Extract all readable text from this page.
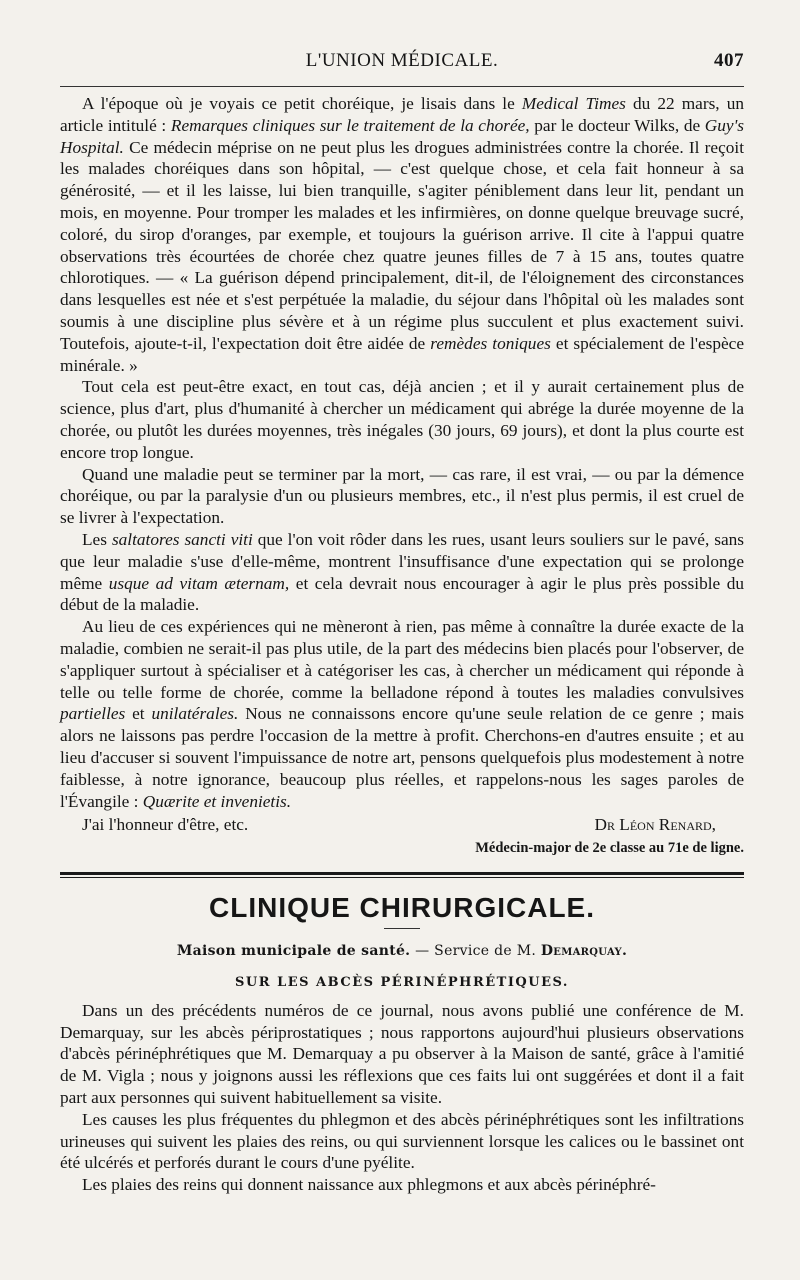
L'UNION MÉDICALE.	407

A l'époque où je voyais ce petit choréique, je lisais dans le Medical Times du 22 mars, un article intitulé : Remarques cliniques sur le traitement de la chorée, par le docteur Wilks, de Guy's Hospital. Ce médecin méprise on ne peut plus les drogues administrées contre la chorée. Il reçoit les malades choréiques dans son hôpital, — c'est quelque chose, et cela fait honneur à sa générosité, — et il les laisse, lui bien tranquille, s'agiter péniblement dans leur lit, pendant un mois, en moyenne. Pour tromper les malades et les infirmières, on donne quelque breuvage sucré, coloré, du sirop d'oranges, par exemple, et toujours la guérison arrive. Il cite à l'appui quatre observations très écourtées de chorée chez quatre jeunes filles de 7 à 15 ans, toutes quatre chlorotiques. — « La guérison dépend principalement, dit-il, de l'éloignement des circonstances dans lesquelles est née et s'est perpétuée la maladie, du séjour dans l'hôpital où les malades sont soumis à une discipline plus sévère et à un régime plus succulent et plus exactement suivi. Toutefois, ajoute-t-il, l'expectation doit être aidée de remèdes toniques et spécialement de l'espèce minérale. »

Tout cela est peut-être exact, en tout cas, déjà ancien ; et il y aurait certainement plus de science, plus d'art, plus d'humanité à chercher un médicament qui abrége la durée moyenne de la chorée, ou plutôt les durées moyennes, très inégales (30 jours, 69 jours), et dont la plus courte est encore trop longue.

Quand une maladie peut se terminer par la mort, — cas rare, il est vrai, — ou par la démence choréique, ou par la paralysie d'un ou plusieurs membres, etc., il n'est plus permis, il est cruel de se livrer à l'expectation.

Les saltatores sancti viti que l'on voit rôder dans les rues, usant leurs souliers sur le pavé, sans que leur maladie s'use d'elle-même, montrent l'insuffisance d'une expectation qui se prolonge même usque ad vitam æternam, et cela devrait nous encourager à agir le plus près possible du début de la maladie.

Au lieu de ces expériences qui ne mèneront à rien, pas même à connaître la durée exacte de la maladie, combien ne serait-il pas plus utile, de la part des médecins bien placés pour l'observer, de s'appliquer surtout à spécialiser et à catégoriser les cas, à chercher un médicament qui réponde à telle ou telle forme de chorée, comme la belladone répond à toutes les maladies convulsives partielles et unilatérales. Nous ne connaissons encore qu'une seule relation de ce genre ; mais alors ne laissons pas perdre l'occasion de la mettre à profit. Cherchons-en d'autres ensuite ; et au lieu d'accuser si souvent l'impuissance de notre art, pensons quelquefois plus modestement à notre faiblesse, à notre ignorance, beaucoup plus réelles, et rappelons-nous les sages paroles de l'Évangile : Quærite et invenietis.

J'ai l'honneur d'être, etc.	Dr Léon Renard,
Médecin-major de 2e classe au 71e de ligne.
CLINIQUE CHIRURGICALE.
Maison municipale de santé. — Service de M. Demarquay.
SUR LES ABCÈS PÉRINÉPHRÉTIQUES.

Dans un des précédents numéros de ce journal, nous avons publié une conférence de M. Demarquay, sur les abcès périprostatiques ; nous rapportons aujourd'hui plusieurs observations d'abcès périnéphrétiques que M. Demarquay a pu observer à la Maison de santé, grâce à l'amitié de M. Vigla ; nous y joignons aussi les réflexions que ces faits lui ont suggérées et dont il a fait part aux personnes qui suivent habituellement sa visite.

Les causes les plus fréquentes du phlegmon et des abcès périnéphrétiques sont les infiltrations urineuses qui suivent les plaies des reins, ou qui surviennent lorsque les calices ou le bassinet ont été ulcérés et perforés durant le cours d'une pyélite.

Les plaies des reins qui donnent naissance aux phlegmons et aux abcès périnéphré-
